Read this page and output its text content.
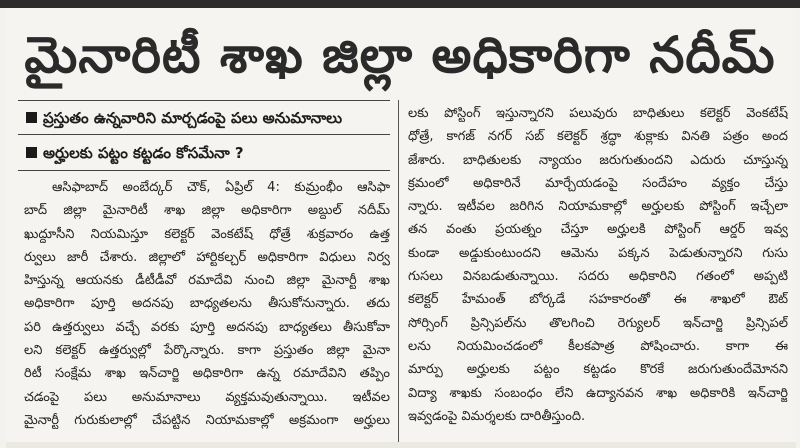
మైనారిటీ శాఖ జిల్లా అధికారిగా నదీమ్
ప్రస్తుతం ఉన్నవారిని మార్చడంపై పలు అనుమానాలు
అర్హులకు పట్టం కట్టడం కోసమేనా ?
ఆసిఫాబాద్ అంబేద్కర్ చౌక్, ఏప్రిల్ 4: కుమ్రంభీం ఆసిఫా
బాద్ జిల్లా మైనారిటీ శాఖ జిల్లా అధికారిగా అబ్దుల్ నదీమ్
ఖుద్దూసీని నియమిస్తూ కలెక్టర్ వెంకటేష్ ధోత్రే శుక్రవారం ఉత్త
ర్వులు జారీ చేశారు. జిల్లాలో హార్టికల్చర్ అధికారిగా విధులు నిర్వ
హిస్తున్న ఆయనకు డీటీడీవో రమాదేవి నుంచి జిల్లా మైనార్టీ శాఖ
అధికారిగా పూర్తి అదనపు బాధ్యతలను తీసుకోనున్నారు. తదు
పరి ఉత్తర్వులు వచ్చే వరకు పూర్తి అదనపు బాధ్యతలు తీసుకోవా
లని కలెక్టర్ ఉత్తర్వుల్లో పేర్కొన్నారు. కాగా ప్రస్తుతం జిల్లా మైనా
రిటీ సంక్షేమ శాఖ ఇన్‌చార్జి అధికారిగా ఉన్న రమాదేవిని తప్పిం
చడంపై పలు అనుమానాలు వ్యక్తమవుతున్నాయి. ఇటీవల
మైనార్టీ గురుకులాల్లో చేపట్టిన నియామకాల్లో అక్రమంగా అర్హులు
లకు పోస్టింగ్ ఇస్తున్నారని పలువురు బాధితులు కలెక్టర్ వెంకటేష్
ధోత్రే, కాగజ్ నగర్ సబ్ కలెక్టర్ శ్రద్ధా శుక్లాకు వినతి పత్రం అంద
జేశారు. బాధితులకు న్యాయం జరుగుతుందని ఎదురు చూస్తున్న
క్రమంలో అధికారినే మార్చేయడంపై సందేహం వ్యక్తం చేస్తు
న్నారు. ఇటీవల జరిగిన నియామకాల్లో అర్హులకు పోస్టింగ్ ఇచ్చేలా
తన వంతు ప్రయత్నం చేస్తూ అర్హులకి పోస్టింగ్ ఆర్డర్ ఇవ్వ
కుండా అడ్డుకుంటుందని ఆమెను పక్కన పెడుతున్నారని గుసు
గుసలు వినబడుతున్నాయి. సదరు అధికారిని గతంలో అప్పటి
కలెక్టర్ హేమంత్ బోర్కడే సహకారంతో ఈ శాఖలో ఔట్
సోర్సింగ్ ప్రిన్సిపల్‌ను తొలగించి రెగ్యులర్ ఇన్‌చార్జి ప్రిన్సిపల్
లను నియమించడంలో కీలకపాత్ర పోషించారు. కాగా ఈ
మార్పు అర్హులకు పట్టం కట్టడం కొరకే జరుగుతుందేమోనని
విద్యా శాఖకు సంబంధం లేని ఉద్యానవన శాఖ అధికారికి ఇన్‌చార్జి
ఇవ్వడంపై విమర్శలకు దారితీస్తుంది.
